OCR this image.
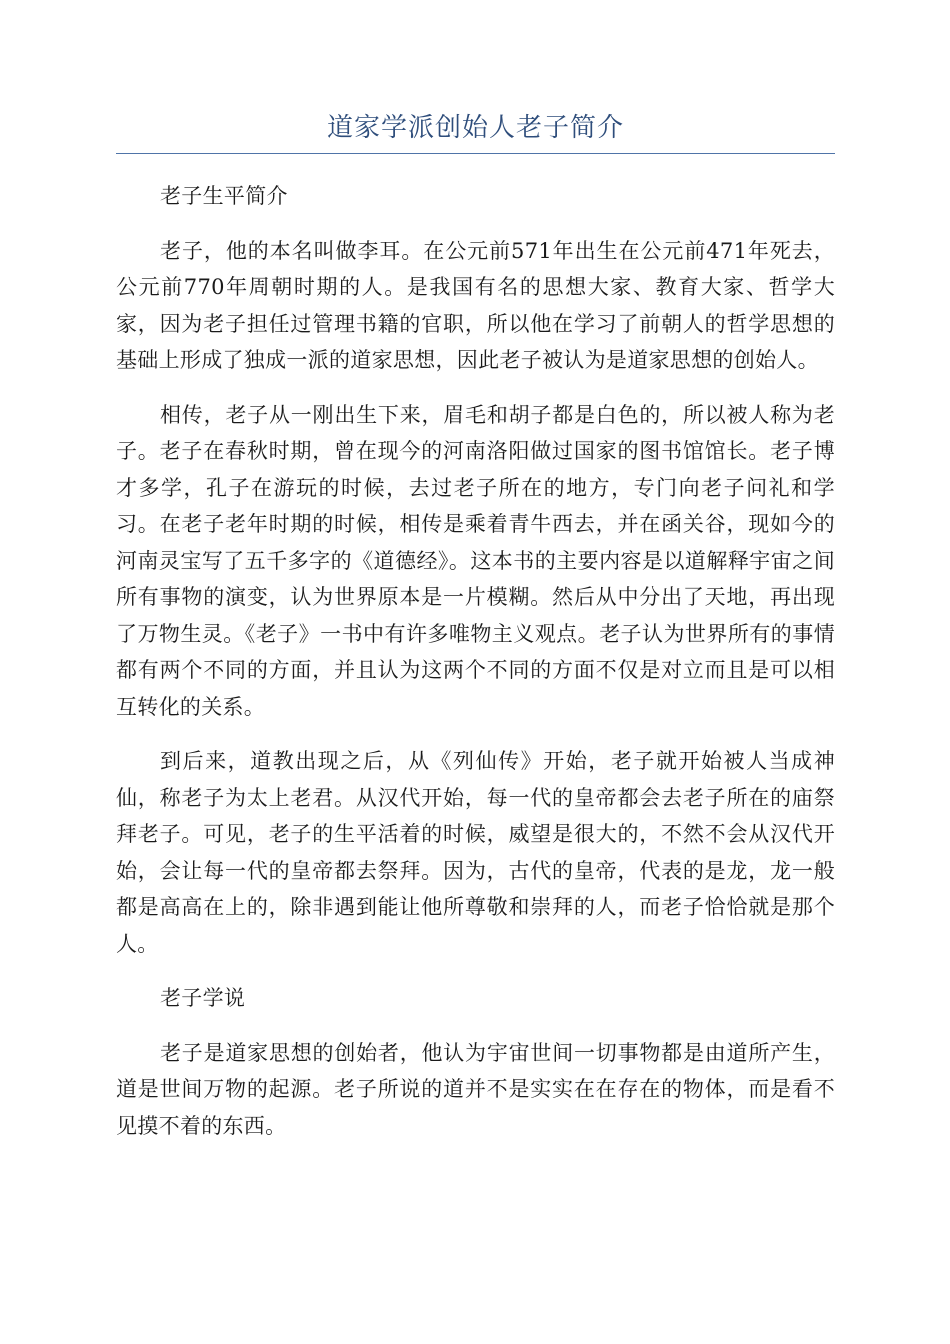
道家学派创始人老子简介

老子生平简介

老子，他的本名叫做李耳。在公元前571年出生在公元前471年死去，公元前770年周朝时期的人。是我国有名的思想大家、教育大家、哲学大家，因为老子担任过管理书籍的官职，所以他在学习了前朝人的哲学思想的基础上形成了独成一派的道家思想，因此老子被认为是道家思想的创始人。

相传，老子从一刚出生下来，眉毛和胡子都是白色的，所以被人称为老子。老子在春秋时期，曾在现今的河南洛阳做过国家的图书馆馆长。老子博才多学，孔子在游玩的时候，去过老子所在的地方，专门向老子问礼和学习。在老子老年时期的时候，相传是乘着青牛西去，并在函关谷，现如今的河南灵宝写了五千多字的《道德经》。这本书的主要内容是以道解释宇宙之间所有事物的演变，认为世界原本是一片模糊。然后从中分出了天地，再出现了万物生灵。《老子》一书中有许多唯物主义观点。老子认为世界所有的事情都有两个不同的方面，并且认为这两个不同的方面不仅是对立而且是可以相互转化的关系。

到后来，道教出现之后，从《列仙传》开始，老子就开始被人当成神仙，称老子为太上老君。从汉代开始，每一代的皇帝都会去老子所在的庙祭拜老子。可见，老子的生平活着的时候，威望是很大的，不然不会从汉代开始，会让每一代的皇帝都去祭拜。因为，古代的皇帝，代表的是龙，龙一般都是高高在上的，除非遇到能让他所尊敬和崇拜的人，而老子恰恰就是那个人。

老子学说

老子是道家思想的创始者，他认为宇宙世间一切事物都是由道所产生，道是世间万物的起源。老子所说的道并不是实实在在存在的物体，而是看不见摸不着的东西。
